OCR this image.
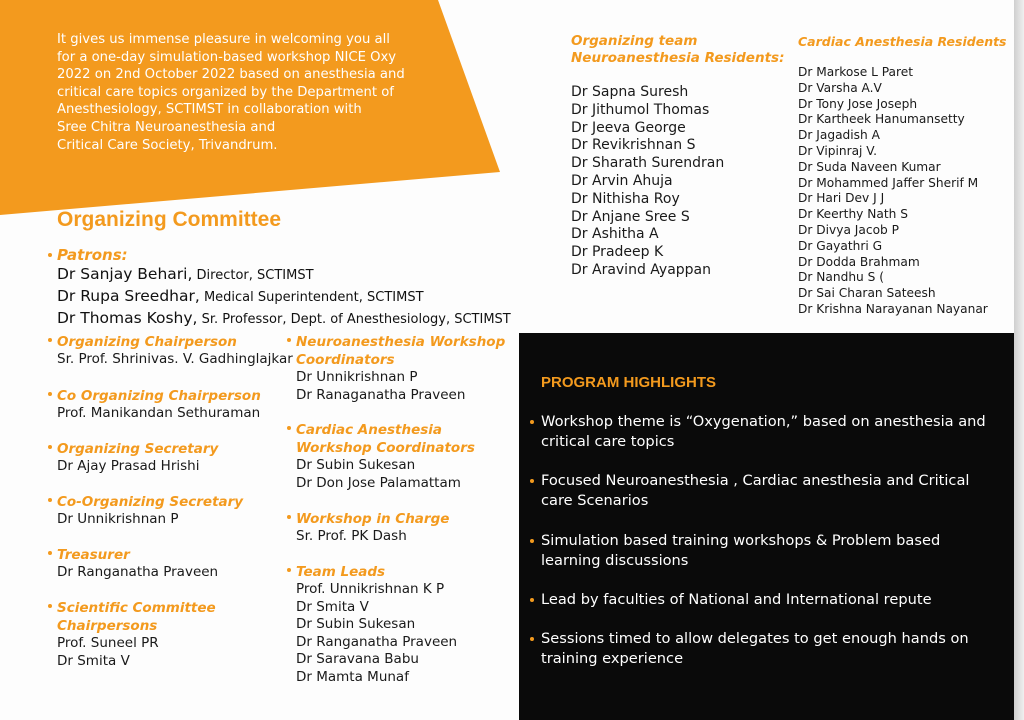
It gives us immense pleasure in welcoming you all
for a one-day simulation-based workshop NICE Oxy
2022 on 2nd October 2022 based on anesthesia and
critical care topics organized by the Department of
Anesthesiology, SCTIMST in collaboration with
Sree Chitra Neuroanesthesia and
Critical Care Society, Trivandrum.
Organizing Committee
Patrons:
Dr Sanjay Behari, Director, SCTIMST
Dr Rupa Sreedhar, Medical Superintendent, SCTIMST
Dr Thomas Koshy, Sr. Professor, Dept. of Anesthesiology, SCTIMST
Organizing Chairperson
Sr. Prof. Shrinivas. V. Gadhinglajkar
Co Organizing Chairperson
Prof. Manikandan Sethuraman
Organizing Secretary
Dr Ajay Prasad Hrishi
Co-Organizing Secretary
Dr Unnikrishnan P
Treasurer
Dr Ranganatha Praveen
Scientific Committee
Chairpersons
Prof. Suneel PR
Dr Smita V
Neuroanesthesia Workshop
Coordinators
Dr Unnikrishnan P
Dr Ranaganatha Praveen
Cardiac Anesthesia
Workshop Coordinators
Dr Subin Sukesan
Dr Don Jose Palamattam
Workshop in Charge
Sr. Prof. PK Dash
Team Leads
Prof. Unnikrishnan K P
Dr Smita V
Dr Subin Sukesan
Dr Ranganatha Praveen
Dr Saravana Babu
Dr Mamta Munaf
Organizing team
Neuroanesthesia Residents:
Dr Sapna Suresh
Dr Jithumol Thomas
Dr Jeeva George
Dr Revikrishnan S
Dr Sharath Surendran
Dr Arvin Ahuja
Dr Nithisha Roy
Dr Anjane Sree S
Dr Ashitha A
Dr Pradeep K
Dr Aravind Ayappan
Cardiac Anesthesia Residents
Dr Markose L Paret
Dr Varsha A.V
Dr Tony Jose Joseph
Dr Kartheek Hanumansetty
Dr Jagadish A
Dr Vipinraj V.
Dr Suda Naveen Kumar
Dr Mohammed Jaffer Sherif M
Dr Hari Dev J J
Dr Keerthy Nath S
Dr Divya Jacob P
Dr Gayathri G
Dr Dodda Brahmam
Dr Nandhu S (
Dr Sai Charan Sateesh
Dr Krishna Narayanan Nayanar
PROGRAM HIGHLIGHTS
Workshop theme is “Oxygenation,” based on anesthesia and critical care topics
Focused Neuroanesthesia , Cardiac anesthesia and Critical care Scenarios
Simulation based training workshops & Problem based learning discussions
Lead by faculties of National and International repute
Sessions timed to allow delegates to get enough hands on training experience
